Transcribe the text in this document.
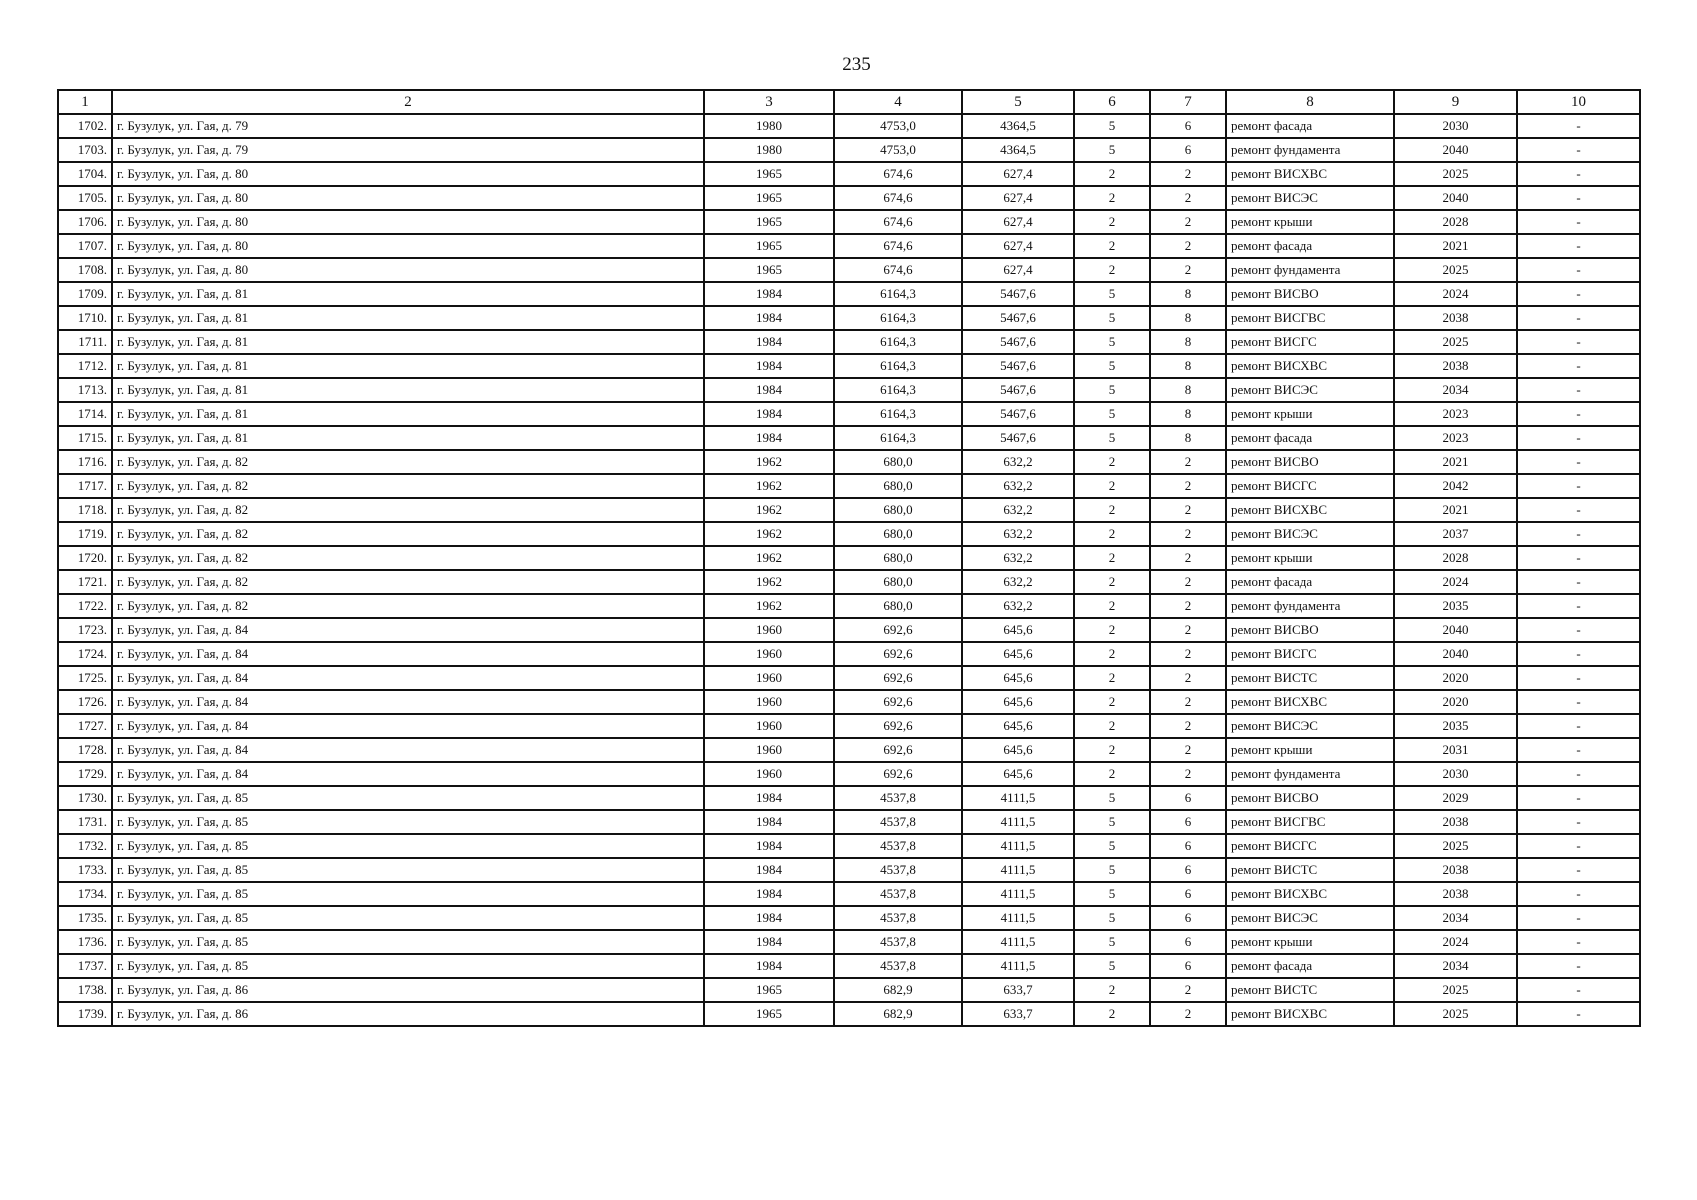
235
1	2	3	4	5	6	7	8	9	10
1702.	г. Бузулук, ул. Гая, д. 79	1980	4753,0	4364,5	5	6	ремонт фасада	2030	-
1703.	г. Бузулук, ул. Гая, д. 79	1980	4753,0	4364,5	5	6	ремонт фундамента	2040	-
1704.	г. Бузулук, ул. Гая, д. 80	1965	674,6	627,4	2	2	ремонт ВИСХВС	2025	-
1705.	г. Бузулук, ул. Гая, д. 80	1965	674,6	627,4	2	2	ремонт ВИСЭС	2040	-
1706.	г. Бузулук, ул. Гая, д. 80	1965	674,6	627,4	2	2	ремонт крыши	2028	-
1707.	г. Бузулук, ул. Гая, д. 80	1965	674,6	627,4	2	2	ремонт фасада	2021	-
1708.	г. Бузулук, ул. Гая, д. 80	1965	674,6	627,4	2	2	ремонт фундамента	2025	-
1709.	г. Бузулук, ул. Гая, д. 81	1984	6164,3	5467,6	5	8	ремонт ВИСВО	2024	-
1710.	г. Бузулук, ул. Гая, д. 81	1984	6164,3	5467,6	5	8	ремонт ВИСГВС	2038	-
1711.	г. Бузулук, ул. Гая, д. 81	1984	6164,3	5467,6	5	8	ремонт ВИСГС	2025	-
1712.	г. Бузулук, ул. Гая, д. 81	1984	6164,3	5467,6	5	8	ремонт ВИСХВС	2038	-
1713.	г. Бузулук, ул. Гая, д. 81	1984	6164,3	5467,6	5	8	ремонт ВИСЭС	2034	-
1714.	г. Бузулук, ул. Гая, д. 81	1984	6164,3	5467,6	5	8	ремонт крыши	2023	-
1715.	г. Бузулук, ул. Гая, д. 81	1984	6164,3	5467,6	5	8	ремонт фасада	2023	-
1716.	г. Бузулук, ул. Гая, д. 82	1962	680,0	632,2	2	2	ремонт ВИСВО	2021	-
1717.	г. Бузулук, ул. Гая, д. 82	1962	680,0	632,2	2	2	ремонт ВИСГС	2042	-
1718.	г. Бузулук, ул. Гая, д. 82	1962	680,0	632,2	2	2	ремонт ВИСХВС	2021	-
1719.	г. Бузулук, ул. Гая, д. 82	1962	680,0	632,2	2	2	ремонт ВИСЭС	2037	-
1720.	г. Бузулук, ул. Гая, д. 82	1962	680,0	632,2	2	2	ремонт крыши	2028	-
1721.	г. Бузулук, ул. Гая, д. 82	1962	680,0	632,2	2	2	ремонт фасада	2024	-
1722.	г. Бузулук, ул. Гая, д. 82	1962	680,0	632,2	2	2	ремонт фундамента	2035	-
1723.	г. Бузулук, ул. Гая, д. 84	1960	692,6	645,6	2	2	ремонт ВИСВО	2040	-
1724.	г. Бузулук, ул. Гая, д. 84	1960	692,6	645,6	2	2	ремонт ВИСГС	2040	-
1725.	г. Бузулук, ул. Гая, д. 84	1960	692,6	645,6	2	2	ремонт ВИСТС	2020	-
1726.	г. Бузулук, ул. Гая, д. 84	1960	692,6	645,6	2	2	ремонт ВИСХВС	2020	-
1727.	г. Бузулук, ул. Гая, д. 84	1960	692,6	645,6	2	2	ремонт ВИСЭС	2035	-
1728.	г. Бузулук, ул. Гая, д. 84	1960	692,6	645,6	2	2	ремонт крыши	2031	-
1729.	г. Бузулук, ул. Гая, д. 84	1960	692,6	645,6	2	2	ремонт фундамента	2030	-
1730.	г. Бузулук, ул. Гая, д. 85	1984	4537,8	4111,5	5	6	ремонт ВИСВО	2029	-
1731.	г. Бузулук, ул. Гая, д. 85	1984	4537,8	4111,5	5	6	ремонт ВИСГВС	2038	-
1732.	г. Бузулук, ул. Гая, д. 85	1984	4537,8	4111,5	5	6	ремонт ВИСГС	2025	-
1733.	г. Бузулук, ул. Гая, д. 85	1984	4537,8	4111,5	5	6	ремонт ВИСТС	2038	-
1734.	г. Бузулук, ул. Гая, д. 85	1984	4537,8	4111,5	5	6	ремонт ВИСХВС	2038	-
1735.	г. Бузулук, ул. Гая, д. 85	1984	4537,8	4111,5	5	6	ремонт ВИСЭС	2034	-
1736.	г. Бузулук, ул. Гая, д. 85	1984	4537,8	4111,5	5	6	ремонт крыши	2024	-
1737.	г. Бузулук, ул. Гая, д. 85	1984	4537,8	4111,5	5	6	ремонт фасада	2034	-
1738.	г. Бузулук, ул. Гая, д. 86	1965	682,9	633,7	2	2	ремонт ВИСТС	2025	-
1739.	г. Бузулук, ул. Гая, д. 86	1965	682,9	633,7	2	2	ремонт ВИСХВС	2025	-
